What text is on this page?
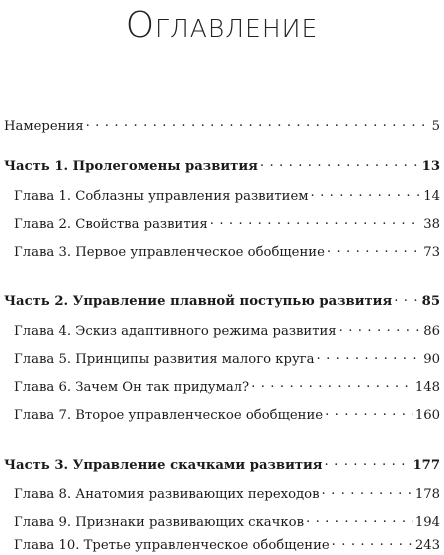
Оглавление
Намерения . . .	5
Часть 1. Пролегомены развития . . .	13
Глава 1. Соблазны управления развитием . . .	14
Глава 2. Свойства развития . . .	38
Глава 3. Первое управленческое обобщение . . .	73
Часть 2. Управление плавной поступью развития . . . 85
Глава 4. Эскиз адаптивного режима развития . . .	86
Глава 5. Принципы развития малого круга . . .	90
Глава 6. Зачем Он так придумал? . . .	148
Глава 7. Второе управленческое обобщение . . .	160
Часть 3. Управление скачками развития . . .	177
Глава 8. Анатомия развивающих переходов . . .	178
Глава 9. Признаки развивающих скачков . . .	194
Глава 10. Третье управленческое обобщение . . .	243
